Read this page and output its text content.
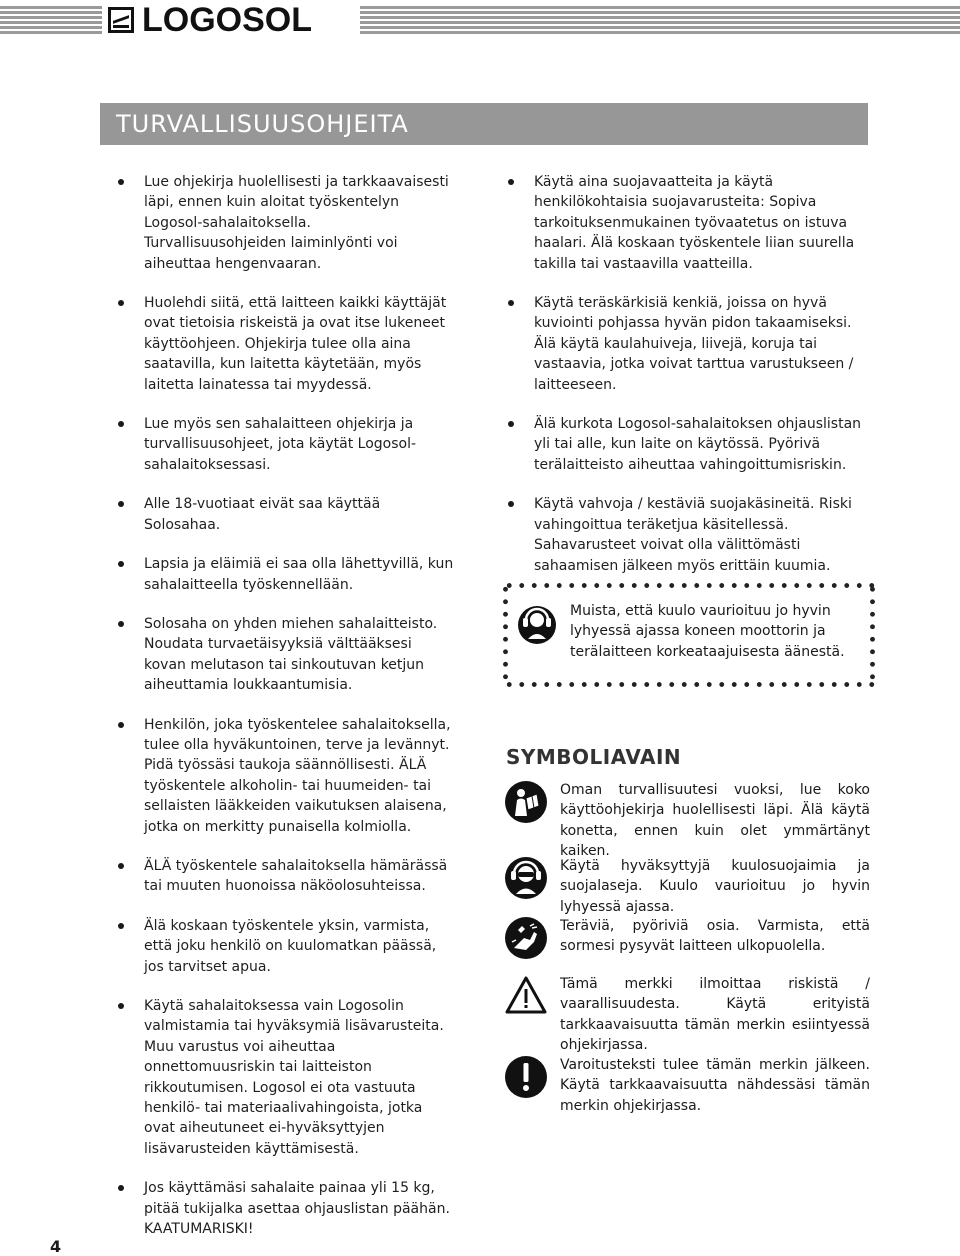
LOGOSOL
TURVALLISUUSOHJEITA

Lue ohjekirja huolellisesti ja tarkkaavaisesti läpi, ennen kuin aloitat työskentelyn Logosol-sahalaitoksella. Turvallisuusohjeiden laiminlyönti voi aiheuttaa hengenvaaran.

Huolehdi siitä, että laitteen kaikki käyttäjät ovat tietoisia riskeistä ja ovat itse lukeneet käyttöohjeen. Ohjekirja tulee olla aina saatavilla, kun laitetta käytetään, myös laitetta lainatessa tai myydessä.

Lue myös sen sahalaitteen ohjekirja ja turvallisuusohjeet, jota käytät Logosol-sahalaitoksessasi.

Alle 18-vuotiaat eivät saa käyttää Solosahaa.

Lapsia ja eläimiä ei saa olla lähettyvillä, kun sahalaitteella työskennellään.

Solosaha on yhden miehen sahalaitteisto. Noudata turvaetäisyyksiä välttääksesi kovan melutason tai sinkoutuvan ketjun aiheuttamia loukkaantumisia.

Henkilön, joka työskentelee sahalaitoksella, tulee olla hyväkuntoinen, terve ja levännyt. Pidä työssäsi taukoja säännöllisesti. ÄLÄ työskentele alkoholin- tai huumeiden- tai sellaisten lääkkeiden vaikutuksen alaisena, jotka on merkitty punaisella kolmiolla.

ÄLÄ työskentele sahalaitoksella hämärässä tai muuten huonoissa näköolosuhteissa.

Älä koskaan työskentele yksin, varmista, että joku henkilö on kuulomatkan päässä, jos tarvitset apua.

Käytä sahalaitoksessa vain Logosolin valmistamia tai hyväksymiä lisävarusteita. Muu varustus voi aiheuttaa onnettomuusriskin tai laitteiston rikkoutumisen. Logosol ei ota vastuuta henkilö- tai materiaalivahingoista, jotka ovat aiheutuneet ei-hyväksyttyjen lisävarusteiden käyttämisestä.

Jos käyttämäsi sahalaite painaa yli 15 kg, pitää tukijalka asettaa ohjauslistan päähän. KAATUMARISKI!

Käytä aina suojavaatteita ja käytä henkilökohtaisia suojavarusteita: Sopiva tarkoituksenmukainen työvaatetus on istuva haalari. Älä koskaan työskentele liian suurella takilla tai vastaavilla vaatteilla.

Käytä teräskärkisiä kenkiä, joissa on hyvä kuviointi pohjassa hyvän pidon takaamiseksi. Älä käytä kaulahuiveja, liivejä, koruja tai vastaavia, jotka voivat tarttua varustukseen / laitteeseen.

Älä kurkota Logosol-sahalaitoksen ohjauslistan yli tai alle, kun laite on käytössä. Pyörivä terälaitteisto aiheuttaa vahingoittumisriskin.

Käytä vahvoja / kestäviä suojakäsineitä. Riski vahingoittua teräketjua käsitellessä. Sahavarusteet voivat olla välittömästi sahaamisen jälkeen myös erittäin kuumia.

Muista, että kuulo vaurioituu jo hyvin lyhyessä ajassa koneen moottorin ja terälaitteen korkeataajuisesta äänestä.
SYMBOLIAVAIN
Oman turvallisuutesi vuoksi, lue koko käyttöohjekirja huolellisesti läpi. Älä käytä konetta, ennen kuin olet ymmärtänyt kaiken.
Käytä hyväksyttyjä kuulosuojaimia ja suojalaseja. Kuulo vaurioituu jo hyvin lyhyessä ajassa.
Teräviä, pyöriviä osia. Varmista, että sormesi pysyvät laitteen ulkopuolella.
Tämä merkki ilmoittaa riskistä / vaarallisuudesta. Käytä erityistä tarkkaavaisuutta tämän merkin esiintyessä ohjekirjassa.
Varoitusteksti tulee tämän merkin jälkeen. Käytä tarkkaavaisuutta nähdessäsi tämän merkin ohjekirjassa.
4
